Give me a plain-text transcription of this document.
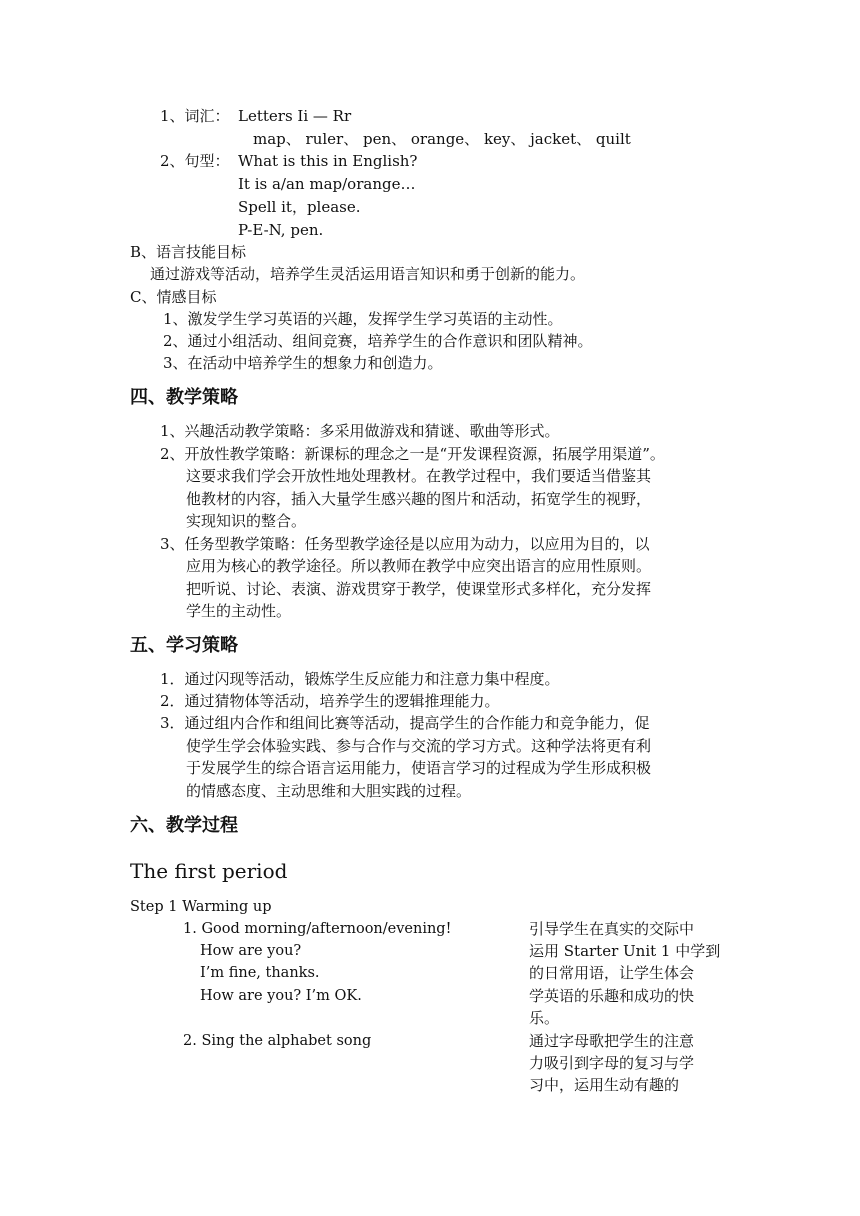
1、词汇： Letters Ii — Rr
map、 ruler、 pen、 orange、 key、 jacket、 quilt
2、句型： What is this in English?
It is a/an map/orange…
Spell it，please.
P-E-N, pen.
B、语言技能目标
通过游戏等活动，培养学生灵活运用语言知识和勇于创新的能力。
C、情感目标
1、激发学生学习英语的兴趣，发挥学生学习英语的主动性。
2、通过小组活动、组间竞赛，培养学生的合作意识和团队精神。
3、在活动中培养学生的想象力和创造力。
四、教学策略
1、兴趣活动教学策略：多采用做游戏和猜谜、歌曲等形式。
2、开放性教学策略：新课标的理念之一是“开发课程资源，拓展学用渠道”。
这要求我们学会开放性地处理教材。在教学过程中，我们要适当借鉴其
他教材的内容，插入大量学生感兴趣的图片和活动，拓宽学生的视野，
实现知识的整合。
3、任务型教学策略：任务型教学途径是以应用为动力，以应用为目的，以
应用为核心的教学途径。所以教师在教学中应突出语言的应用性原则。
把听说、讨论、表演、游戏贯穿于教学，使课堂形式多样化，充分发挥
学生的主动性。
五、学习策略
1．通过闪现等活动，锻炼学生反应能力和注意力集中程度。
2．通过猜物体等活动，培养学生的逻辑推理能力。
3．通过组内合作和组间比赛等活动，提高学生的合作能力和竞争能力，促
使学生学会体验实践、参与合作与交流的学习方式。这种学法将更有利
于发展学生的综合语言运用能力，使语言学习的过程成为学生形成积极
的情感态度、主动思维和大胆实践的过程。
六、教学过程
The first period
Step 1 Warming up
1. Good morning/afternoon/evening!
How are you?
I’m fine, thanks.
How are you? I’m OK.
2. Sing the alphabet song
引导学生在真实的交际中
运用 Starter Unit 1 中学到
的日常用语，让学生体会
学英语的乐趣和成功的快
乐。
通过字母歌把学生的注意
力吸引到字母的复习与学
习中，运用生动有趣的
